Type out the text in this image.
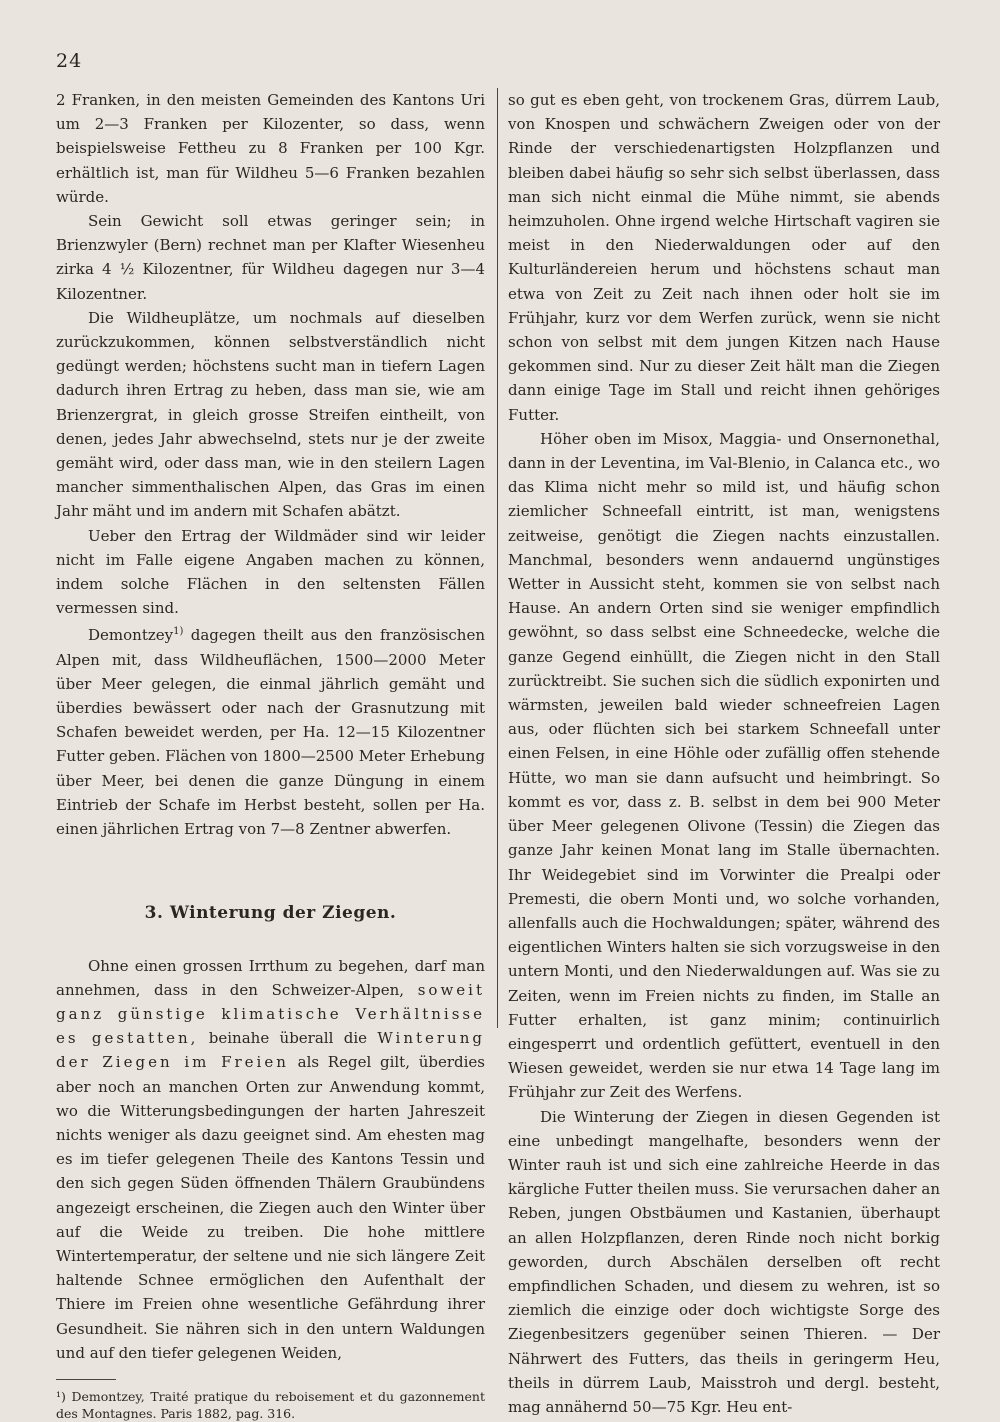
24

2 Franken, in den meisten Gemeinden des Kantons Uri um 2—3 Franken per Kilozenter, so dass, wenn beispielsweise Fettheu zu 8 Franken per 100 Kgr. erhältlich ist, man für Wildheu 5—6 Franken bezahlen würde.

Sein Gewicht soll etwas geringer sein; in Brienzwyler (Bern) rechnet man per Klafter Wiesenheu zirka 4 ½ Kilozentner, für Wildheu dagegen nur 3—4 Kilozentner.

Die Wildheuplätze, um nochmals auf dieselben zurückzukommen, können selbstverständlich nicht gedüngt werden; höchstens sucht man in tiefern Lagen dadurch ihren Ertrag zu heben, dass man sie, wie am Brienzergrat, in gleich grosse Streifen eintheilt, von denen, jedes Jahr abwechselnd, stets nur je der zweite gemäht wird, oder dass man, wie in den steilern Lagen mancher simmenthalischen Alpen, das Gras im einen Jahr mäht und im andern mit Schafen abätzt.

Ueber den Ertrag der Wildmäder sind wir leider nicht im Falle eigene Angaben machen zu können, indem solche Flächen in den seltensten Fällen vermessen sind.

Demontzey$^{1)}$ dagegen theilt aus den französischen Alpen mit, dass Wildheuflächen, 1500—2000 Meter über Meer gelegen, die einmal jährlich gemäht und überdies bewässert oder nach der Grasnutzung mit Schafen beweidet werden, per Ha. 12—15 Kilozentner Futter geben. Flächen von 1800—2500 Meter Erhebung über Meer, bei denen die ganze Düngung in einem Eintrieb der Schafe im Herbst besteht, sollen per Ha. einen jährlichen Ertrag von 7—8 Zentner abwerfen.

3. Winterung der Ziegen.

Ohne einen grossen Irrthum zu begehen, darf man annehmen, dass in den Schweizer-Alpen, soweit ganz günstige klimatische Verhältnisse es gestatten, beinahe überall die Winterung der Ziegen im Freien als Regel gilt, überdies aber noch an manchen Orten zur Anwendung kommt, wo die Witterungsbedingungen der harten Jahreszeit nichts weniger als dazu geeignet sind. Am ehesten mag es im tiefer gelegenen Theile des Kantons Tessin und den sich gegen Süden öffnenden Thälern Graubündens angezeigt erscheinen, die Ziegen auch den Winter über auf die Weide zu treiben. Die hohe mittlere Wintertemperatur, der seltene und nie sich längere Zeit haltende Schnee ermöglichen den Aufenthalt der Thiere im Freien ohne wesentliche Gefährdung ihrer Gesundheit. Sie nähren sich in den untern Waldungen und auf den tiefer gelegenen Weiden,

¹) Demontzey, Traité pratique du reboisement et du gazonnement des Montagnes. Paris 1882, pag. 316.

so gut es eben geht, von trockenem Gras, dürrem Laub, von Knospen und schwächern Zweigen oder von der Rinde der verschiedenartigsten Holzpflanzen und bleiben dabei häufig so sehr sich selbst überlassen, dass man sich nicht einmal die Mühe nimmt, sie abends heimzuholen. Ohne irgend welche Hirtschaft vagiren sie meist in den Niederwaldungen oder auf den Kulturländereien herum und höchstens schaut man etwa von Zeit zu Zeit nach ihnen oder holt sie im Frühjahr, kurz vor dem Werfen zurück, wenn sie nicht schon von selbst mit dem jungen Kitzen nach Hause gekommen sind. Nur zu dieser Zeit hält man die Ziegen dann einige Tage im Stall und reicht ihnen gehöriges Futter.

Höher oben im Misox, Maggia- und Onsernonethal, dann in der Leventina, im Val-Blenio, in Calanca etc., wo das Klima nicht mehr so mild ist, und häufig schon ziemlicher Schneefall eintritt, ist man, wenigstens zeitweise, genötigt die Ziegen nachts einzustallen. Manchmal, besonders wenn andauernd ungünstiges Wetter in Aussicht steht, kommen sie von selbst nach Hause. An andern Orten sind sie weniger empfindlich gewöhnt, so dass selbst eine Schneedecke, welche die ganze Gegend einhüllt, die Ziegen nicht in den Stall zurücktreibt. Sie suchen sich die südlich exponirten und wärmsten, jeweilen bald wieder schneefreien Lagen aus, oder flüchten sich bei starkem Schneefall unter einen Felsen, in eine Höhle oder zufällig offen stehende Hütte, wo man sie dann aufsucht und heimbringt. So kommt es vor, dass z. B. selbst in dem bei 900 Meter über Meer gelegenen Olivone (Tessin) die Ziegen das ganze Jahr keinen Monat lang im Stalle übernachten. Ihr Weidegebiet sind im Vorwinter die Prealpi oder Premesti, die obern Monti und, wo solche vorhanden, allenfalls auch die Hochwaldungen; später, während des eigentlichen Winters halten sie sich vorzugsweise in den untern Monti, und den Niederwaldungen auf. Was sie zu Zeiten, wenn im Freien nichts zu finden, im Stalle an Futter erhalten, ist ganz minim; continuirlich eingesperrt und ordentlich gefüttert, eventuell in den Wiesen geweidet, werden sie nur etwa 14 Tage lang im Frühjahr zur Zeit des Werfens.

Die Winterung der Ziegen in diesen Gegenden ist eine unbedingt mangelhafte, besonders wenn der Winter rauh ist und sich eine zahlreiche Heerde in das kärgliche Futter theilen muss. Sie verursachen daher an Reben, jungen Obstbäumen und Kastanien, überhaupt an allen Holzpflanzen, deren Rinde noch nicht borkig geworden, durch Abschälen derselben oft recht empfindlichen Schaden, und diesem zu wehren, ist so ziemlich die einzige oder doch wichtigste Sorge des Ziegenbesitzers gegenüber seinen Thieren. — Der Nährwert des Futters, das theils in geringerm Heu, theils in dürrem Laub, Maisstroh und dergl. besteht, mag annähernd 50—75 Kgr. Heu ent-
